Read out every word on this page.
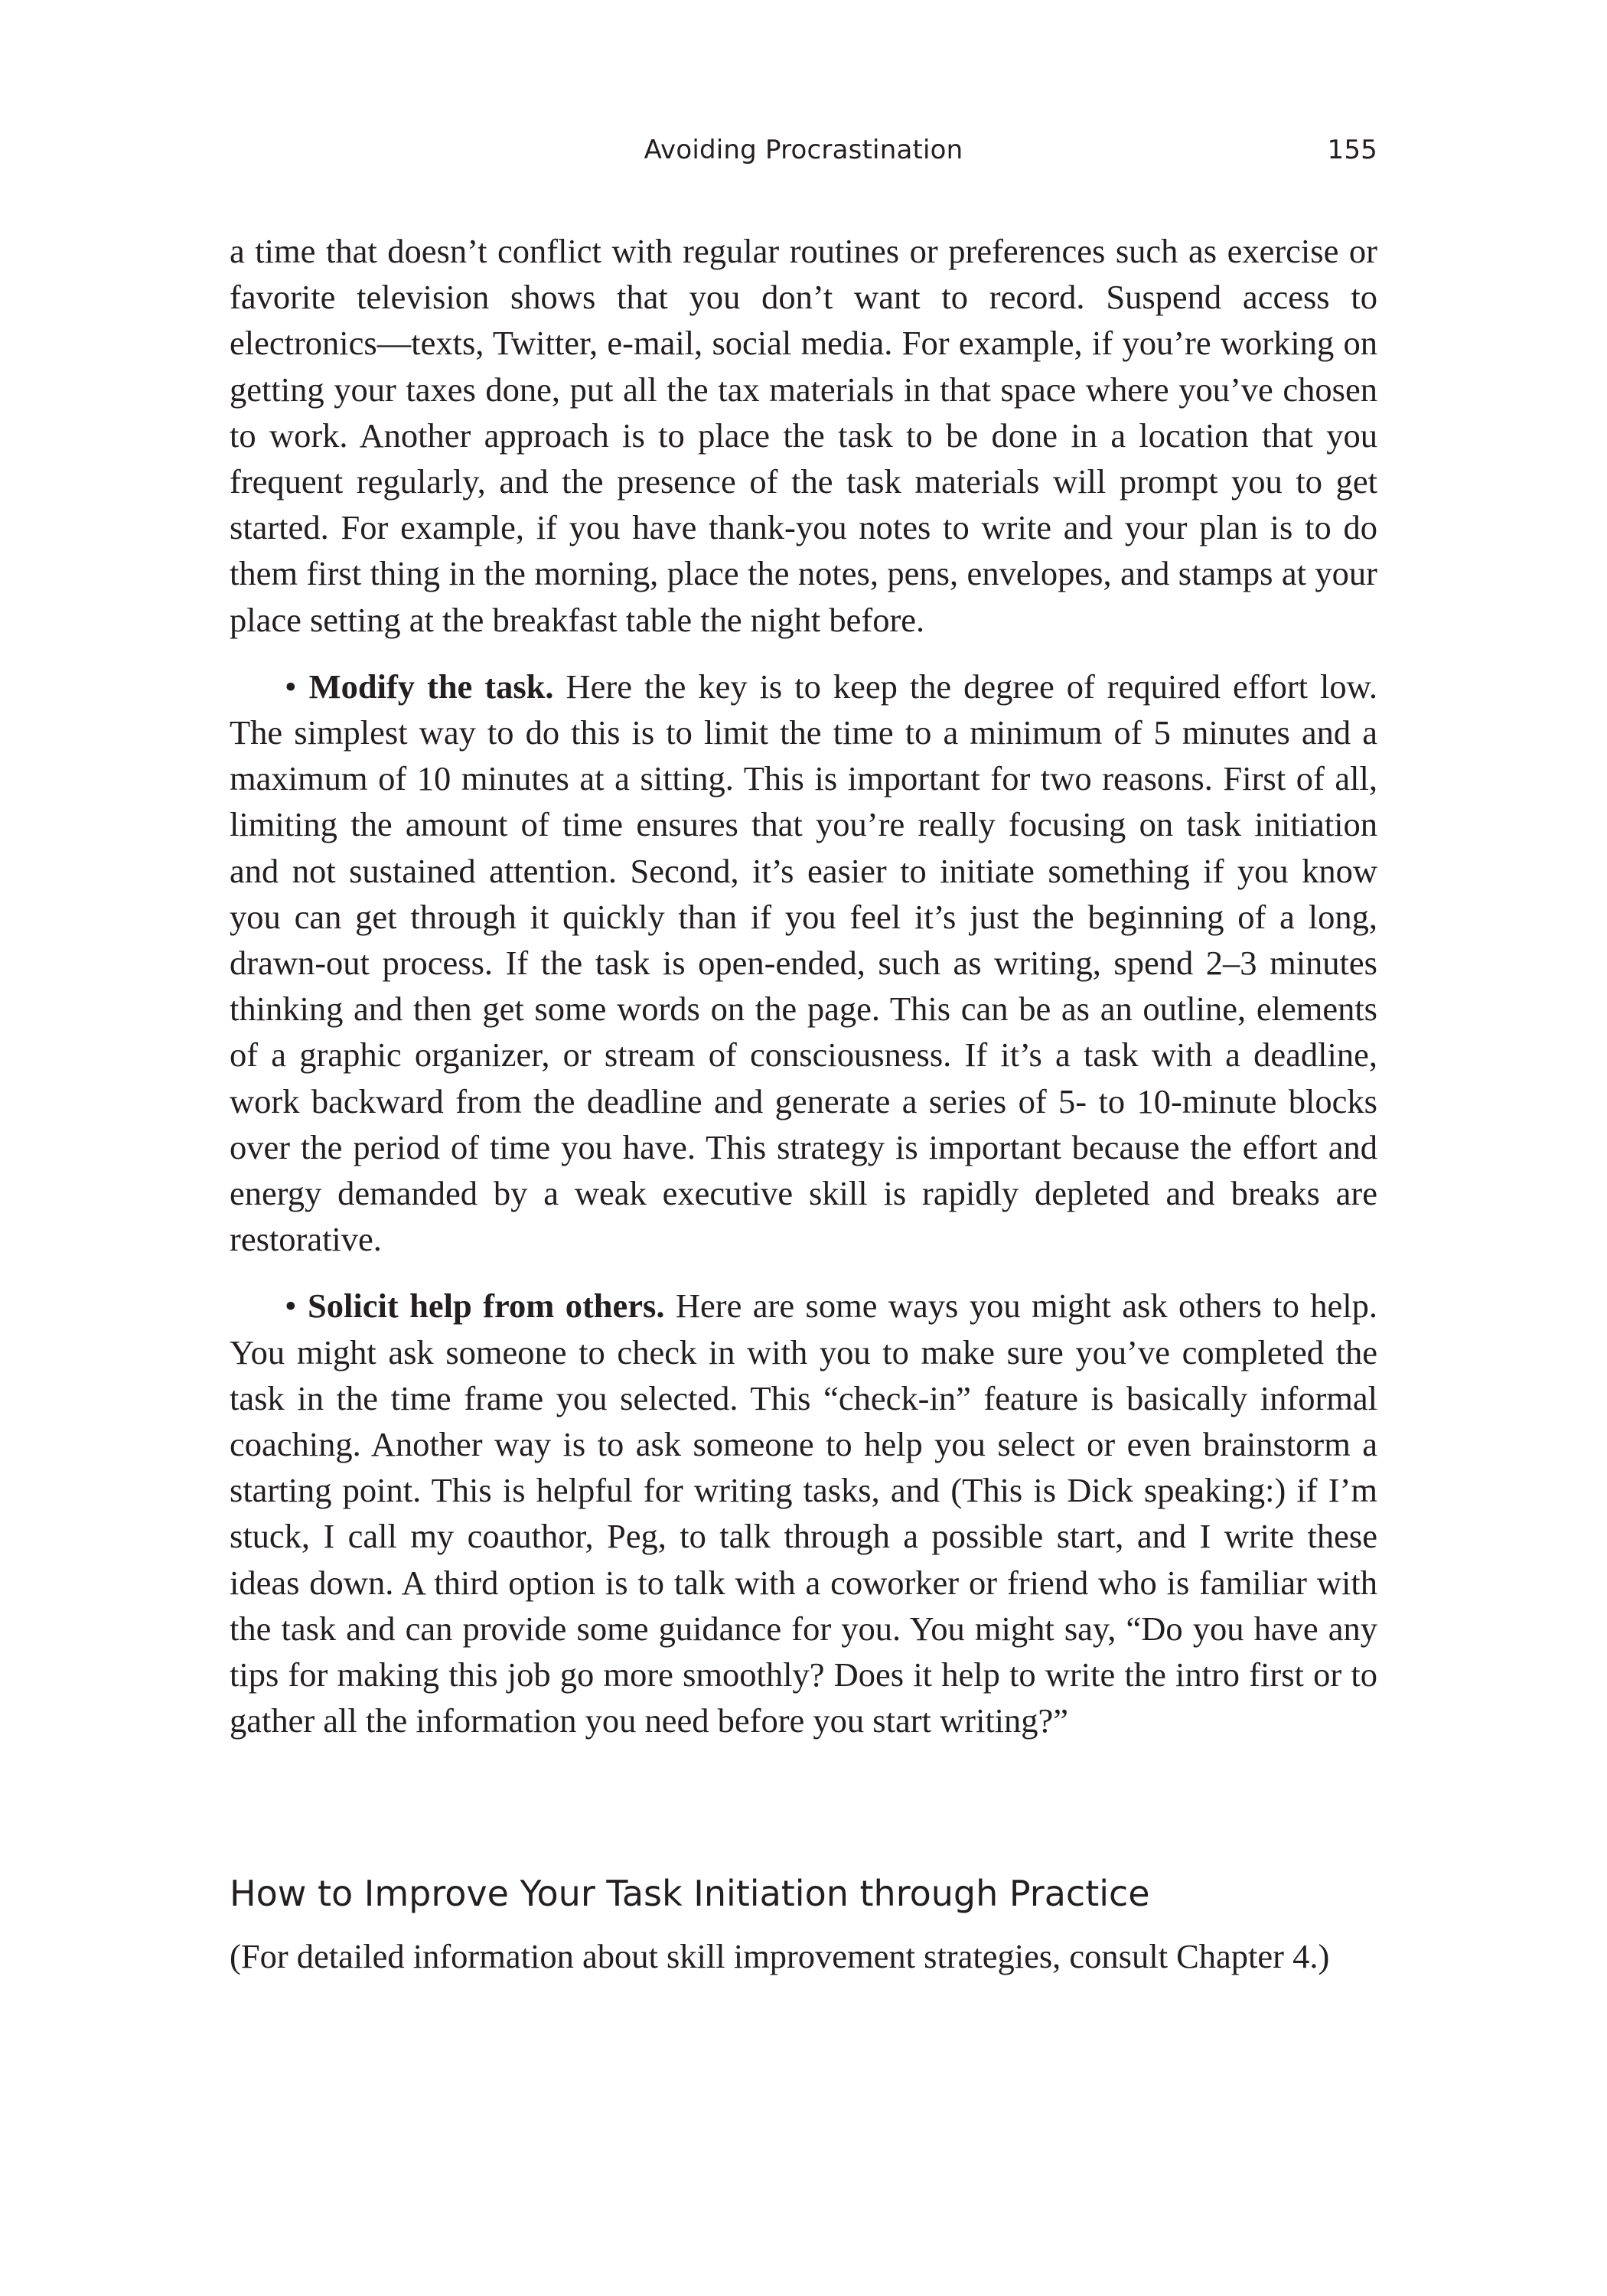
Avoiding Procrastination	155

a time that doesn’t conflict with regular routines or preferences such as exercise or favorite television shows that you don’t want to record. Suspend access to electronics—texts, Twitter, e-mail, social media. For example, if you’re working on getting your taxes done, put all the tax materials in that space where you’ve chosen to work. Another approach is to place the task to be done in a location that you frequent regularly, and the presence of the task materials will prompt you to get started. For example, if you have thank-you notes to write and your plan is to do them first thing in the morning, place the notes, pens, envelopes, and stamps at your place setting at the breakfast table the night before.

• Modify the task. Here the key is to keep the degree of required effort low. The simplest way to do this is to limit the time to a minimum of 5 minutes and a maximum of 10 minutes at a sitting. This is important for two reasons. First of all, limiting the amount of time ensures that you’re really focusing on task initiation and not sustained attention. Second, it’s easier to initiate something if you know you can get through it quickly than if you feel it’s just the beginning of a long, drawn-out process. If the task is open-ended, such as writing, spend 2–3 minutes thinking and then get some words on the page. This can be as an outline, elements of a graphic organizer, or stream of consciousness. If it’s a task with a deadline, work backward from the deadline and generate a series of 5- to 10-minute blocks over the period of time you have. This strategy is important because the effort and energy demanded by a weak executive skill is rapidly depleted and breaks are restorative.

• Solicit help from others. Here are some ways you might ask others to help. You might ask someone to check in with you to make sure you’ve completed the task in the time frame you selected. This “check-in” feature is basically informal coaching. Another way is to ask someone to help you select or even brainstorm a starting point. This is helpful for writing tasks, and (This is Dick speaking:) if I’m stuck, I call my coauthor, Peg, to talk through a possible start, and I write these ideas down. A third option is to talk with a coworker or friend who is familiar with the task and can provide some guidance for you. You might say, “Do you have any tips for making this job go more smoothly? Does it help to write the intro first or to gather all the information you need before you start writing?”

How to Improve Your Task Initiation through Practice

(For detailed information about skill improvement strategies, consult Chapter 4.)
